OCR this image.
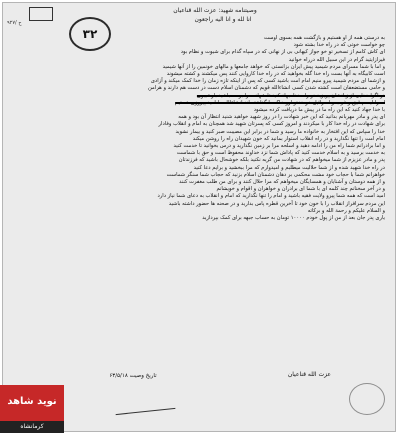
۹۲۷/ ح
۳۲
وصیتنامه شهید: عزت الله قناعیان
انا لله و انا الیه راجعون

به درستی همه از او هستیم و بازگشت همه بسوی اوست

چو خواست خوتی که در راه خدا بشته شود

ای کاش کامم از تسخیر تو خو جواز کیهانی بی از نهانی که در سپاه گدام برای شیوت و نظام بود

فیرازایتید گرام در این سبیل الله درراه خوانید

و اما با شما مسرای مردم شیمید پیش ایران بزانستی که خواهد جامعها و مالهای خونمین را از آنها شیمید

است کابیگاه به آنها بست راه خدا گله بخواهید که در راه خدا کاروایی کنند پس میکشند و کشته میشوند

و ازشما ای مردم شیمید پیرو منیم امام امت باشید کسی که پس از اینکه تازه زمان را خدا کمک میکند و آزادی

و حامی مستضعفان است کشته شدن کسی انشاءالله قویم که دشمنان اسلام دست در دست هم دارند و هرامن

دو اگرا خدایی از زبانشان پریزید دو راه خدا جهاد کنید تا شهادت را بوسه باشید باوشیبوی

اصرا لیسم قیق و غرب و اسرائیل خو خفتو ارو خاک ما گذاشته اند انشاءالله ما امید پیروزی هستیم

با خدا جهاد کنید که این راه ما در پیش ما دریافت کرده میشود

ای پدر و مادر مهربانم بدانید که این خبر شهادت را در روز شهید خواهید شنید انتظار آن بود و همه

برای شهادت در راه خدا کار با میکردند و امروز کسی که پسرتان شهید شد همچنان به امام و انقلاب وفادار

خدا را سپاس که این افتخار به خانواده ما رسید و شما در برابر این مصیبت صبر کنید و بیمار نشوید

امام امت را تنها نگذارید و در راه انقلاب استوار بمانید که خون شهیدان راه را روشن میکند

و اما برادرانم شما راه من را ادامه دهید و اسلحه مرا بر زمین نگذارید و درس بخوانید تا خدمت کنید

به خدمت برسید و به اسلام خدمت کنید که پاداش شما نزد خداوند محفوظ است و حق با شماست

پدر و مادر عزیزم از شما میخواهم که در شهادت من گریه نکنید بلکه خوشحال باشید که فرزندتان

در راه خدا شهید شده و از شما حلالیت میطلبم و امیدوارم که مرا ببخشید و برایم دعا کنید

خواهرانم شما با حجاب خود مشت محکمی بر دهان دشمنان اسلام بزنید که حجاب شما سنگر شماست

و از همه دوستان و آشنایان و همسایگان میخواهم که مرا حلال کنند و برای من طلب مغفرت کنند

و در آخر سخنانم چند کلمه ای با شما ای برادران و خواهران و اقوام و خویشانم

امید است که همه شما پیرو ولایت فقیه باشید و امام را تنها نگذارید که امام و انقلاب به دعای شما نیاز دارد

این مردم سرافراز انقلاب را با خون خود تا آخرین قطره پاس بدارید و در صحنه ها حضور داشته باشید

و السلام علیکم و رحمة الله و برکاته

یاری پدر جان بعد از من از پول خودم ۱۰۰۰۰ تومان به حساب جبهه برای کمک بپردازید

تاریخ وصیت ۶۳/۵/۱۸	عزت الله قناعیان
نوید شاهد
کرمانشاه
